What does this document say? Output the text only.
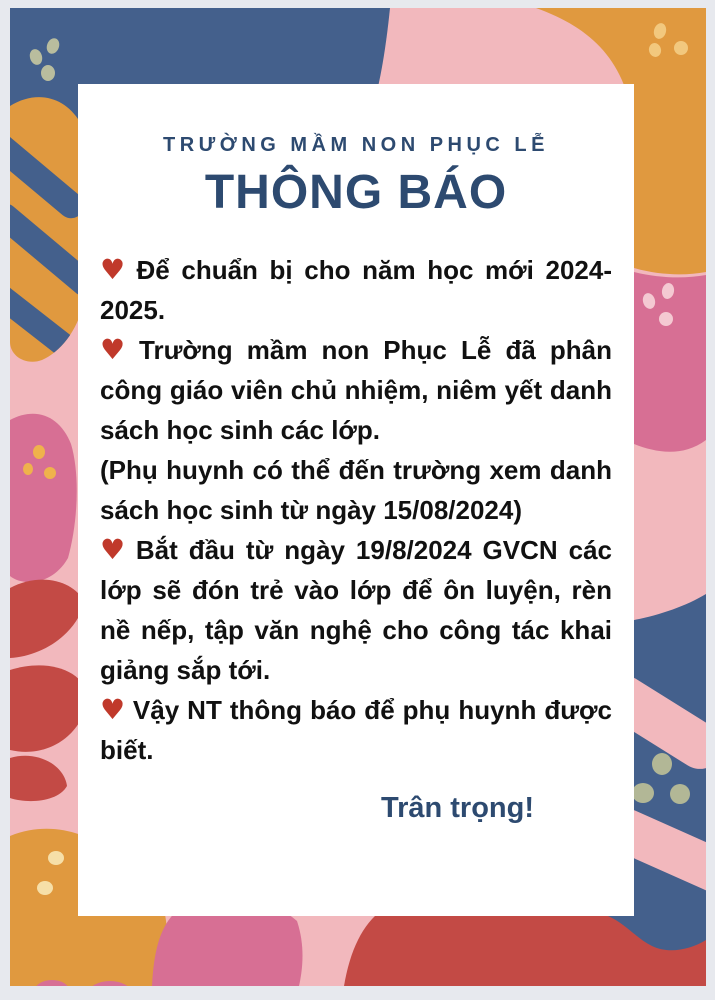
TRƯỜNG MẦM NON PHỤC LỄ
THÔNG BÁO

♥ Để chuẩn bị cho năm học mới 2024-2025.

♥ Trường mầm non Phục Lễ đã phân công giáo viên chủ nhiệm, niêm yết danh sách học sinh các lớp.

(Phụ huynh có thể đến trường xem danh sách học sinh từ ngày 15/08/2024)

♥ Bắt đầu từ ngày 19/8/2024 GVCN các lớp sẽ đón trẻ vào lớp để ôn luyện, rèn nề nếp, tập văn nghệ cho công tác khai giảng sắp tới.

♥ Vậy NT thông báo để phụ huynh được biết.

Trân trọng!
